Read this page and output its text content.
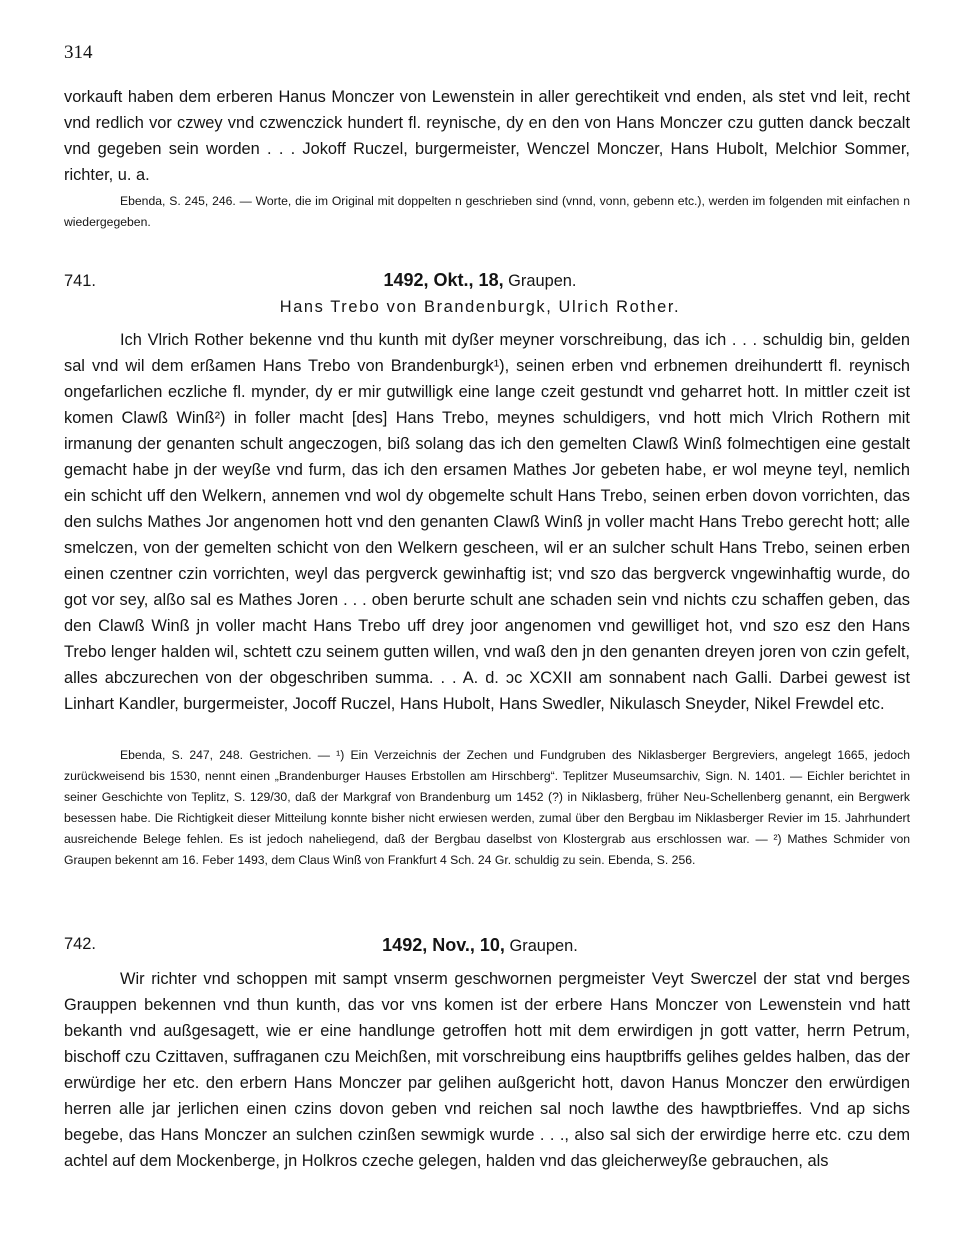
314

vorkauft haben dem erberen Hanus Monczer von Lewenstein in aller gerechtikeit vnd enden, als stet vnd leit, recht vnd redlich vor czwey vnd czwenczick hundert fl. reynische, dy en den von Hans Monczer czu gutten danck beczalt vnd gegeben sein worden . . . Jokoff Ruczel, burgermeister, Wenczel Monczer, Hans Hubolt, Melchior Sommer, richter, u. a.

Ebenda, S. 245, 246. — Worte, die im Original mit doppelten n geschrieben sind (vnnd, vonn, gebenn etc.), werden im folgenden mit einfachen n wiedergegeben.

741.	1492, Okt., 18, Graupen.
Hans Trebo von Brandenburgk, Ulrich Rother.

Ich Vlrich Rother bekenne vnd thu kunth mit dyßer meyner vorschreibung, das ich . . . schuldig bin, gelden sal vnd wil dem erßamen Hans Trebo von Brandenburgk¹), seinen erben vnd erbnemen dreihundertt fl. reynisch ongefarlichen eczliche fl. mynder, dy er mir gutwilligk eine lange czeit gestundt vnd geharret hott. In mittler czeit ist komen Clawß Winß²) in foller macht [des] Hans Trebo, meynes schuldigers, vnd hott mich Vlrich Rothern mit irmanung der genanten schult angeczogen, biß solang das ich den gemelten Clawß Winß folmechtigen eine gestalt gemacht habe jn der weyße vnd furm, das ich den ersamen Mathes Jor gebeten habe, er wol meyne teyl, nemlich ein schicht uff den Welkern, annemen vnd wol dy obgemelte schult Hans Trebo, seinen erben dovon vorrichten, das den sulchs Mathes Jor angenomen hott vnd den genanten Clawß Winß jn voller macht Hans Trebo gerecht hott; alle smelczen, von der gemelten schicht von den Welkern gescheen, wil er an sulcher schult Hans Trebo, seinen erben einen czentner czin vorrichten, weyl das pergverck gewinhaftig ist; vnd szo das bergverck vngewinhaftig wurde, do got vor sey, alßo sal es Mathes Joren . . . oben berurte schult ane schaden sein vnd nichts czu schaffen geben, das den Clawß Winß jn voller macht Hans Trebo uff drey joor angenomen vnd gewilliget hot, vnd szo esz den Hans Trebo lenger halden wil, schtett czu seinem gutten willen, vnd waß den jn den genanten dreyen joren von czin gefelt, alles abczurechen von der obgeschriben summa. . . A. d. ↄc XCXII am sonnabent nach Galli. Darbei gewest ist Linhart Kandler, burgermeister, Jocoff Ruczel, Hans Hubolt, Hans Swedler, Nikulasch Sneyder, Nikel Frewdel etc.

Ebenda, S. 247, 248. Gestrichen. — ¹) Ein Verzeichnis der Zechen und Fundgruben des Niklasberger Bergreviers, angelegt 1665, jedoch zurückweisend bis 1530, nennt einen „Brandenburger Hauses Erbstollen am Hirschberg“. Teplitzer Museumsarchiv, Sign. N. 1401. — Eichler berichtet in seiner Geschichte von Teplitz, S. 129/30, daß der Markgraf von Brandenburg um 1452 (?) in Niklasberg, früher Neu-Schellenberg genannt, ein Bergwerk besessen habe. Die Richtigkeit dieser Mitteilung konnte bisher nicht erwiesen werden, zumal über den Bergbau im Niklasberger Revier im 15. Jahrhundert ausreichende Belege fehlen. Es ist jedoch naheliegend, daß der Bergbau daselbst von Klostergrab aus erschlossen war. — ²) Mathes Schmider von Graupen bekennt am 16. Feber 1493, dem Claus Winß von Frankfurt 4 Sch. 24 Gr. schuldig zu sein. Ebenda, S. 256.

742.	1492, Nov., 10, Graupen.

Wir richter vnd schoppen mit sampt vnserm geschwornen pergmeister Veyt Swerczel der stat vnd berges Grauppen bekennen vnd thun kunth, das vor vns komen ist der erbere Hans Monczer von Lewenstein vnd hatt bekanth vnd außgesagett, wie er eine handlunge getroffen hott mit dem erwirdigen jn gott vatter, herrn Petrum, bischoff czu Czittaven, suffraganen czu Meichßen, mit vorschreibung eins hauptbriffs gelihes geldes halben, das der erwürdige her etc. den erbern Hans Monczer par gelihen außgericht hott, davon Hanus Monczer den erwürdigen herren alle jar jerlichen einen czins dovon geben vnd reichen sal noch lawthe des hawptbrieffes. Vnd ap sichs begebe, das Hans Monczer an sulchen czinßen sewmigk wurde . . ., also sal sich der erwirdige herre etc. czu dem achtel auf dem Mockenberge, jn Holkros czeche gelegen, halden vnd das gleicherweyße gebrauchen, als
